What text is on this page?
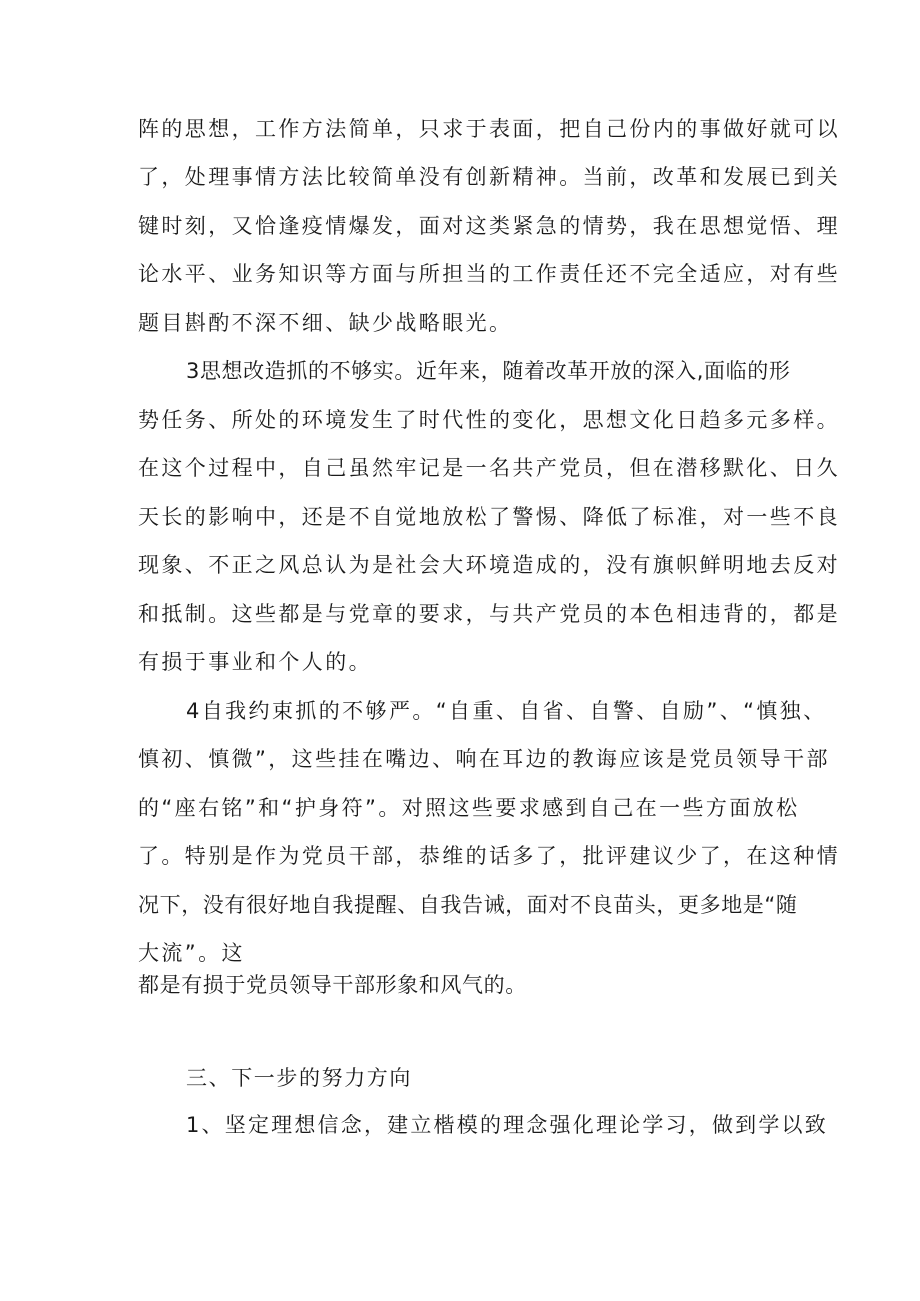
阵的思想，工作方法简单，只求于表面，把自己份内的事做好就可以
了，处理事情方法比较简单没有创新精神。当前，改革和发展已到关
键时刻，又恰逢疫情爆发，面对这类紧急的情势，我在思想觉悟、理
论水平、业务知识等方面与所担当的工作责任还不完全适应，对有些
题目斟酌不深不细、缺少战略眼光。
3思想改造抓的不够实。近年来，随着改革开放的深入,面临的形
势任务、所处的环境发生了时代性的变化，思想文化日趋多元多样。
在这个过程中，自己虽然牢记是一名共产党员，但在潜移默化、日久
天长的影响中，还是不自觉地放松了警惕、降低了标准，对一些不良
现象、不正之风总认为是社会大环境造成的，没有旗帜鲜明地去反对
和抵制。这些都是与党章的要求，与共产党员的本色相违背的，都是
有损于事业和个人的。
4自我约束抓的不够严。“自重、自省、自警、自励”、“慎独、
慎初、慎微”，这些挂在嘴边、响在耳边的教诲应该是党员领导干部
的“座右铭”和“护身符”。对照这些要求感到自己在一些方面放松
了。特别是作为党员干部，恭维的话多了，批评建议少了，在这种情
况下，没有很好地自我提醒、自我告诫，面对不良苗头，更多地是“随
大流”。这
都是有损于党员领导干部形象和风气的。
三、下一步的努力方向
1、坚定理想信念，建立楷模的理念强化理论学习，做到学以致
